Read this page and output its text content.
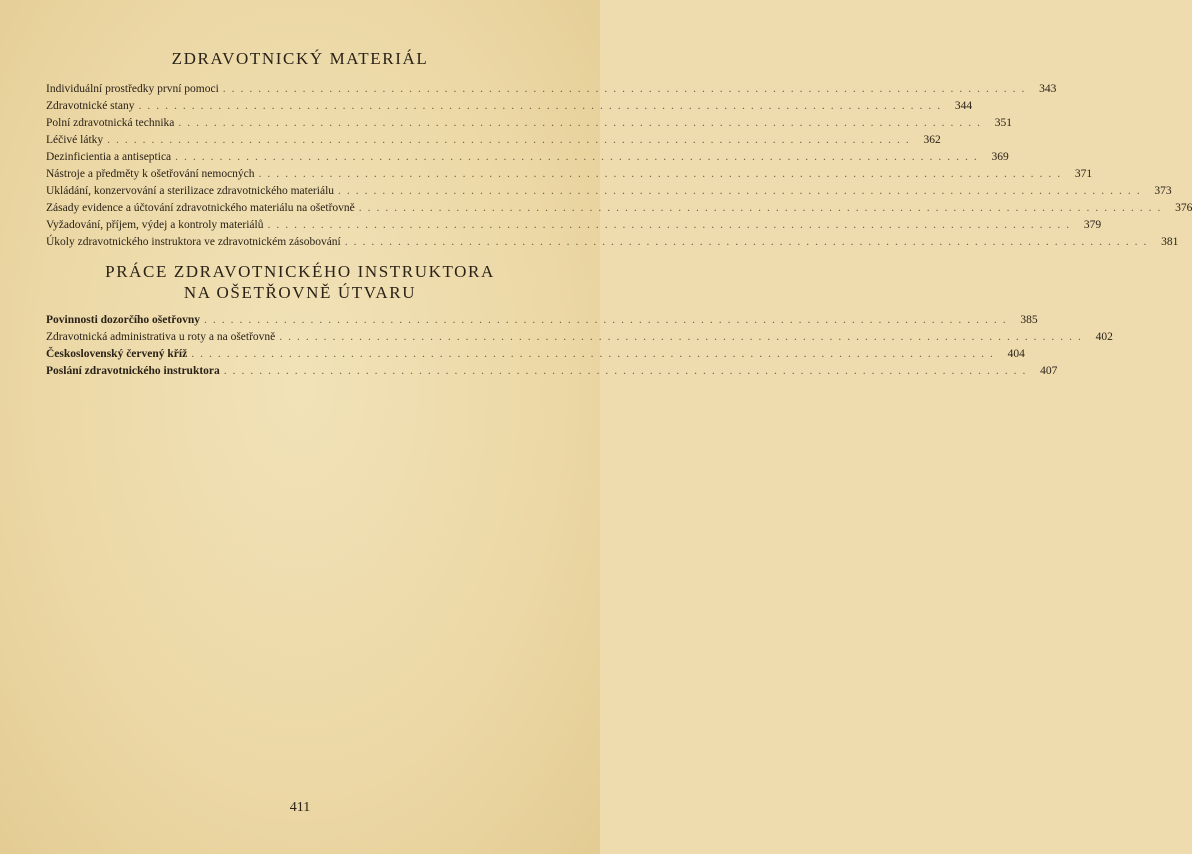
ZDRAVOTNICKÝ MATERIÁL
Individuální prostředky první pomoci ........................................................................................... 343
Zdravotnické stany ........................................................................................... 344
Polní zdravotnická technika ........................................................................................... 351
Léčivé látky ........................................................................................... 362
Dezinficientia a antiseptica ........................................................................................... 369
Nástroje a předměty k ošetřování nemocných ........................................................................................... 371
Ukládání, konzervování a sterilizace zdravotnického materiálu ........................................................................................... 373
Zásady evidence a účtování zdravotnického materiálu na ošetřovně ........................................................................................... 376
Vyžadování, příjem, výdej a kontroly materiálů ........................................................................................... 379
Úkoly zdravotnického instruktora ve zdravotnickém zásobování ........................................................................................... 381
PRÁCE ZDRAVOTNICKÉHO INSTRUKTORA
NA OŠETŘOVNĚ ÚTVARU
Povinnosti dozorčího ošetřovny ........................................................................................... 385
Zdravotnická administrativa u roty a na ošetřovně ........................................................................................... 402
Československý červený kříž ........................................................................................... 404
Poslání zdravotnického instruktora ........................................................................................... 407
411
